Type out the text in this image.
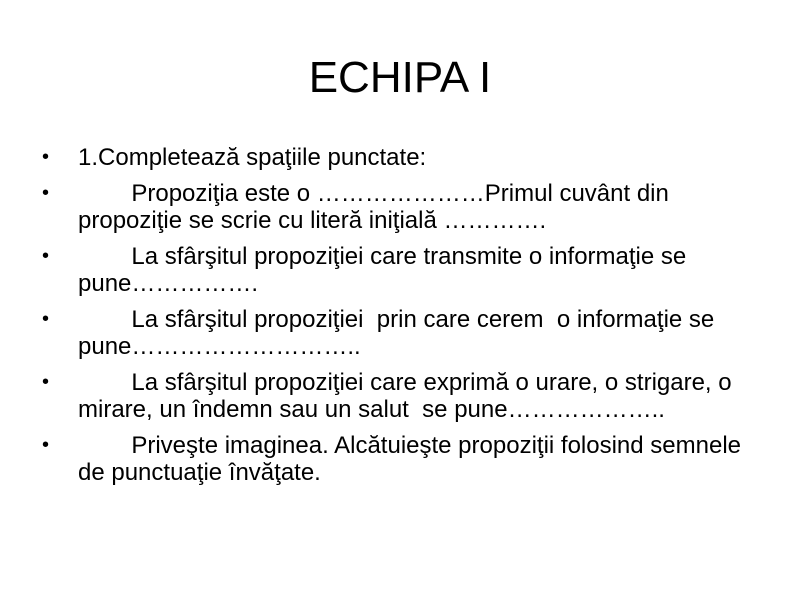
ECHIPA I
• 1.Completează spaţiile punctate:
• Propoziţia este o …………………Primul cuvânt din propoziţie se scrie cu literă iniţială ………….
• La sfârşitul propoziţiei care transmite o informaţie se pune…………….
• La sfârşitul propoziţiei  prin care cerem  o informaţie se pune………………………..
• La sfârşitul propoziţiei care exprimă o urare, o strigare, o mirare, un îndemn sau un salut  se pune………………..
• Priveşte imaginea. Alcătuieşte propoziţii folosind semnele de punctuaţie învăţate.
